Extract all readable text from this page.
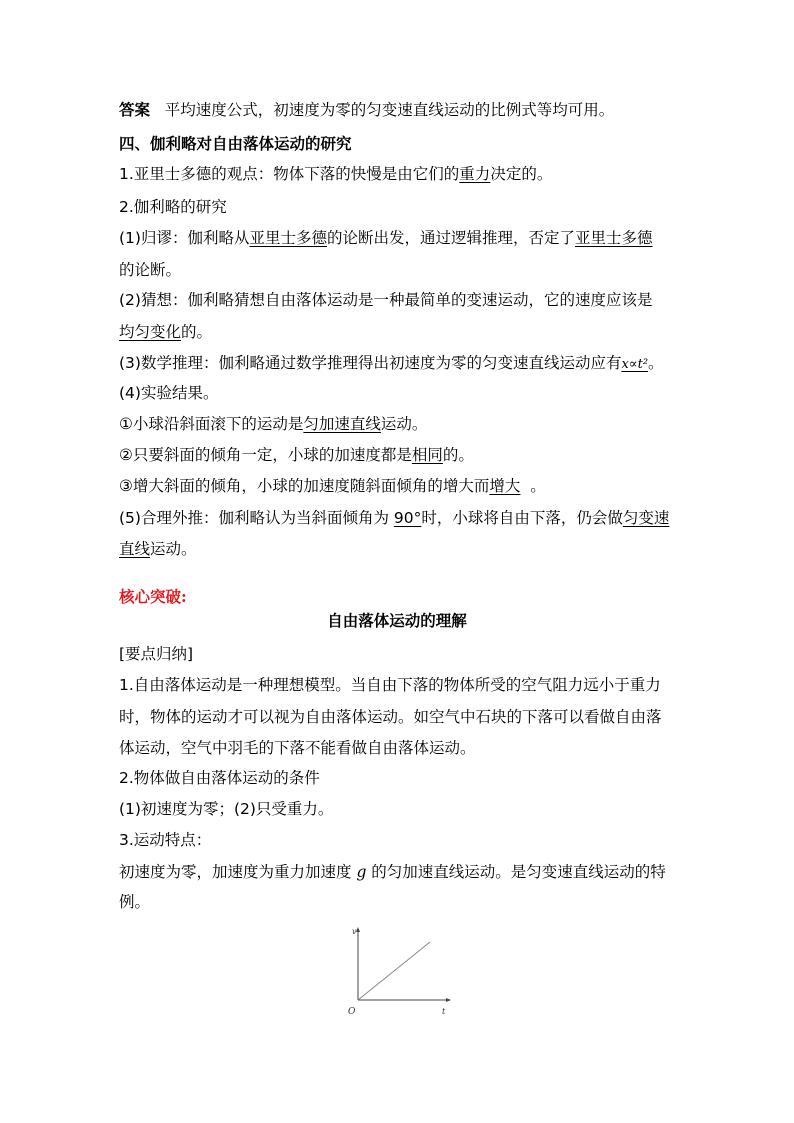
答案 平均速度公式，初速度为零的匀变速直线运动的比例式等均可用。
四、伽利略对自由落体运动的研究
1.亚里士多德的观点：物体下落的快慢是由它们的重力决定的。
2.伽利略的研究
(1)归谬：伽利略从亚里士多德的论断出发，通过逻辑推理，否定了亚里士多德
的论断。
(2)猜想：伽利略猜想自由落体运动是一种最简单的变速运动，它的速度应该是
均匀变化的。
(3)数学推理：伽利略通过数学推理得出初速度为零的匀变速直线运动应有x∝t²。
(4)实验结果。
①小球沿斜面滚下的运动是匀加速直线运动。
②只要斜面的倾角一定，小球的加速度都是相同的。
③增大斜面的倾角，小球的加速度随斜面倾角的增大而增大  。
(5)合理外推：伽利略认为当斜面倾角为 90°时，小球将自由下落，仍会做匀变速
直线运动。
核心突破:
自由落体运动的理解
[要点归纳]
1.自由落体运动是一种理想模型。当自由下落的物体所受的空气阻力远小于重力
时，物体的运动才可以视为自由落体运动。如空气中石块的下落可以看做自由落
体运动，空气中羽毛的下落不能看做自由落体运动。
2.物体做自由落体运动的条件
(1)初速度为零；(2)只受重力。
3.运动特点：
初速度为零，加速度为重力加速度 g 的匀加速直线运动。是匀变速直线运动的特
例。
v
t
O
